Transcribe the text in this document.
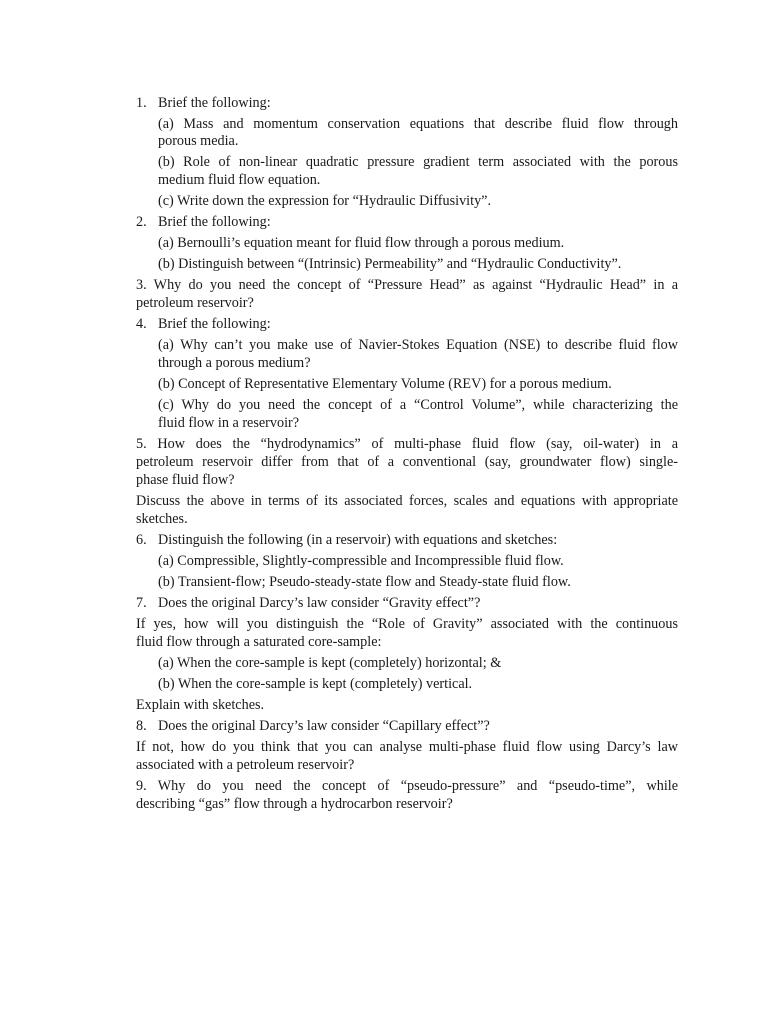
1. Brief the following:
(a) Mass and momentum conservation equations that describe fluid flow through
porous media.
(b) Role of non-linear quadratic pressure gradient term associated with the porous
medium fluid flow equation.
(c) Write down the expression for “Hydraulic Diffusivity”.
2. Brief the following:
(a) Bernoulli’s equation meant for fluid flow through a porous medium.
(b) Distinguish between “(Intrinsic) Permeability” and “Hydraulic Conductivity”.
3. Why do you need the concept of “Pressure Head” as against “Hydraulic Head” in a
petroleum reservoir?
4. Brief the following:
(a) Why can’t you make use of Navier-Stokes Equation (NSE) to describe fluid flow
through a porous medium?
(b) Concept of Representative Elementary Volume (REV) for a porous medium.
(c) Why do you need the concept of a “Control Volume”, while characterizing the
fluid flow in a reservoir?
5. How does the “hydrodynamics” of multi-phase fluid flow (say, oil-water) in a
petroleum reservoir differ from that of a conventional (say, groundwater flow) single-
phase fluid flow?
Discuss the above in terms of its associated forces, scales and equations with appropriate
sketches.
6. Distinguish the following (in a reservoir) with equations and sketches:
(a) Compressible, Slightly-compressible and Incompressible fluid flow.
(b) Transient-flow; Pseudo-steady-state flow and Steady-state fluid flow.
7. Does the original Darcy’s law consider “Gravity effect”?
If yes, how will you distinguish the “Role of Gravity” associated with the continuous
fluid flow through a saturated core-sample:
(a) When the core-sample is kept (completely) horizontal; &
(b) When the core-sample is kept (completely) vertical.
Explain with sketches.
8. Does the original Darcy’s law consider “Capillary effect”?
If not, how do you think that you can analyse multi-phase fluid flow using Darcy’s law
associated with a petroleum reservoir?
9. Why do you need the concept of “pseudo-pressure” and “pseudo-time”, while
describing “gas” flow through a hydrocarbon reservoir?
